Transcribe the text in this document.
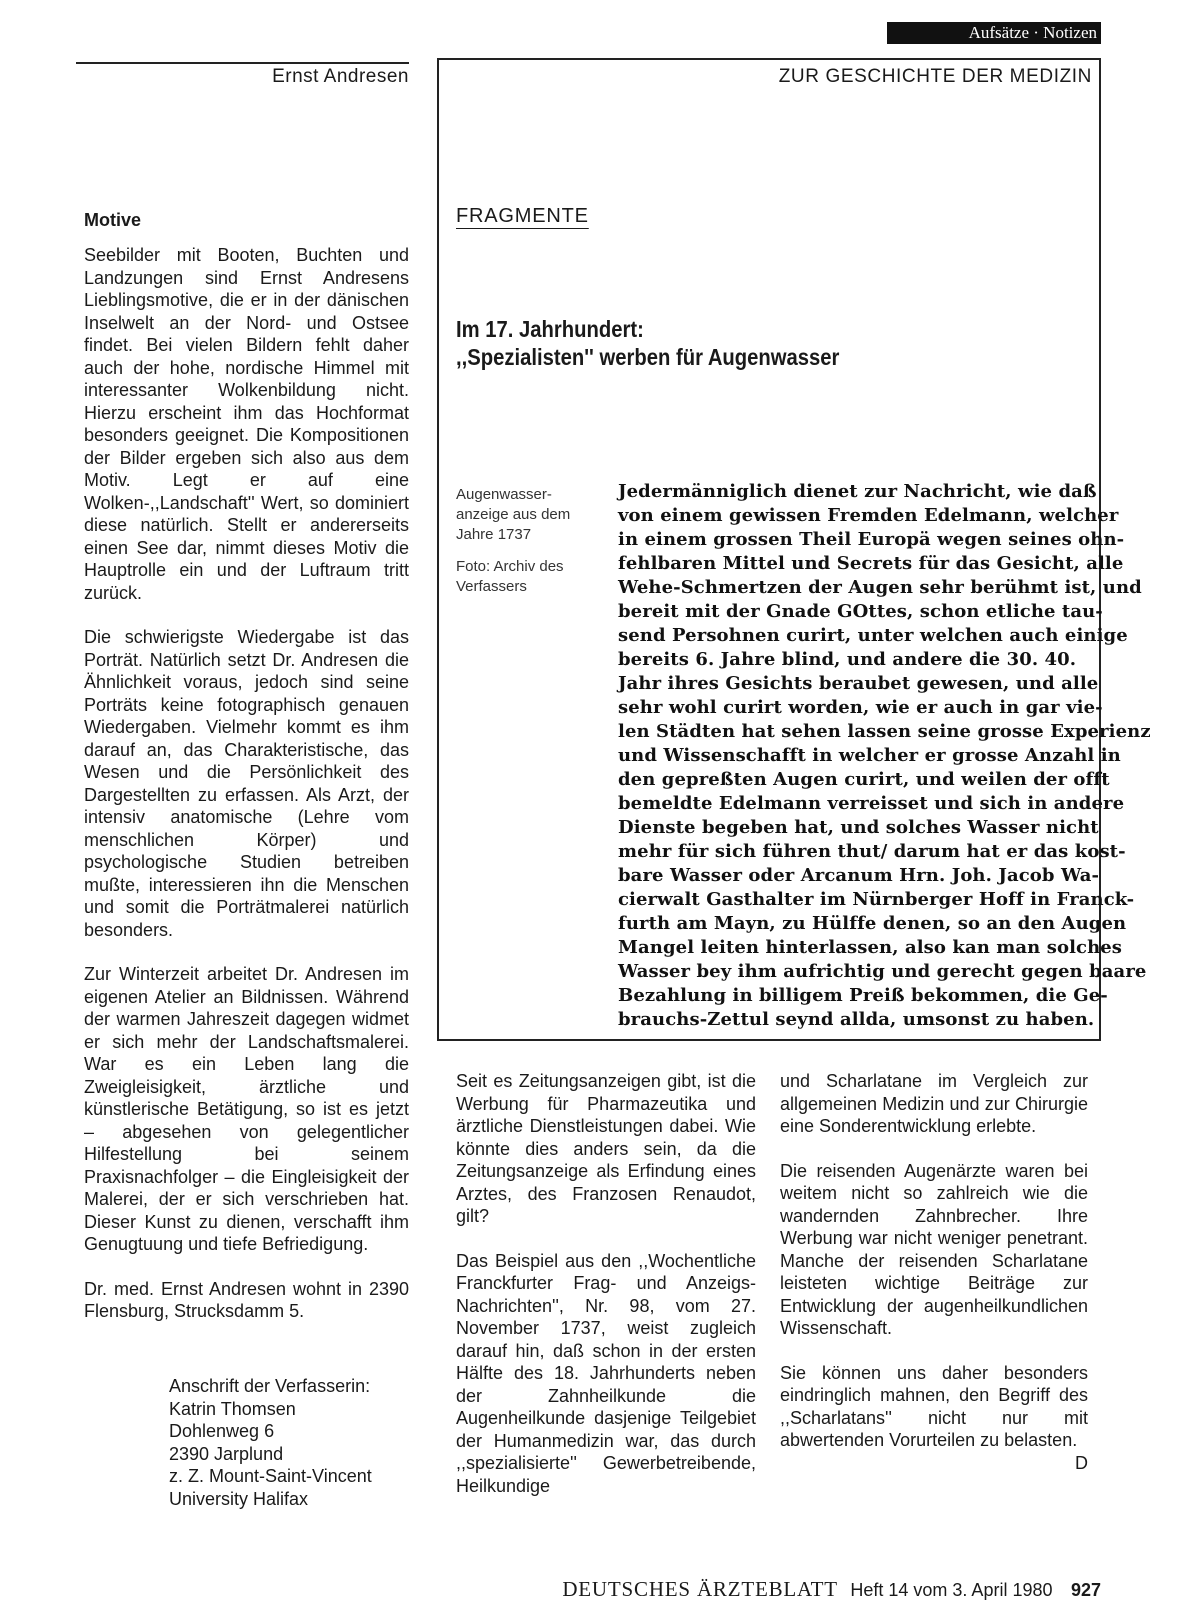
Aufsätze · Notizen
Ernst Andresen	ZUR GESCHICHTE DER MEDIZIN
Motive

Seebilder mit Booten, Buchten und Landzungen sind Ernst Andresens Lieblingsmotive, die er in der dänischen Inselwelt an der Nord- und Ostsee findet. Bei vielen Bildern fehlt daher auch der hohe, nordische Himmel mit interessanter Wolkenbildung nicht. Hierzu erscheint ihm das Hochformat besonders geeignet. Die Kompositionen der Bilder ergeben sich also aus dem Motiv. Legt er auf eine Wolken-,,Landschaft'' Wert, so dominiert diese natürlich. Stellt er andererseits einen See dar, nimmt dieses Motiv die Hauptrolle ein und der Luftraum tritt zurück.

Die schwierigste Wiedergabe ist das Porträt. Natürlich setzt Dr. Andresen die Ähnlichkeit voraus, jedoch sind seine Porträts keine fotographisch genauen Wiedergaben. Vielmehr kommt es ihm darauf an, das Charakteristische, das Wesen und die Persönlichkeit des Dargestellten zu erfassen. Als Arzt, der intensiv anatomische (Lehre vom menschlichen Körper) und psychologische Studien betreiben mußte, interessieren ihn die Menschen und somit die Porträtmalerei natürlich besonders.

Zur Winterzeit arbeitet Dr. Andresen im eigenen Atelier an Bildnissen. Während der warmen Jahreszeit dagegen widmet er sich mehr der Landschaftsmalerei. War es ein Leben lang die Zweigleisigkeit, ärztliche und künstlerische Betätigung, so ist es jetzt – abgesehen von gelegentlicher Hilfestellung bei seinem Praxisnachfolger – die Eingleisigkeit der Malerei, der er sich verschrieben hat. Dieser Kunst zu dienen, verschafft ihm Genugtuung und tiefe Befriedigung.

Dr. med. Ernst Andresen wohnt in 2390 Flensburg, Strucksdamm 5.

Anschrift der Verfasserin:
Katrin Thomsen
Dohlenweg 6
2390 Jarplund
z. Z. Mount-Saint-Vincent
University Halifax
FRAGMENTE
Im 17. Jahrhundert:
,,Spezialisten'' werben für Augenwasser

Augenwasser-anzeige aus dem Jahre 1737

Foto: Archiv des Verfassers

Jedermänniglich dienet zur Nachricht, wie daß
von einem gewissen Fremden Edelmann, welcher
in einem grossen Theil Europä wegen seines ohn-
fehlbaren Mittel und Secrets für das Gesicht, alle
Wehe-Schmertzen der Augen sehr berühmt ist, und
bereit mit der Gnade GOttes, schon etliche tau-
send Persohnen curirt, unter welchen auch einige
bereits 6. Jahre blind, und andere die 30. 40.
Jahr ihres Gesichts beraubet gewesen, und alle
sehr wohl curirt worden, wie er auch in gar vie-
len Städten hat sehen lassen seine grosse Experienz
und Wissenschafft in welcher er grosse Anzahl in
den gepreßten Augen curirt, und weilen der offt
bemeldte Edelmann verreisset und sich in andere
Dienste begeben hat, und solches Wasser nicht
mehr für sich führen thut/ darum hat er das kost-
bare Wasser oder Arcanum Hrn. Joh. Jacob Wa-
cierwalt Gasthalter im Nürnberger Hoff in Franck-
furth am Mayn, zu Hülffe denen, so an den Augen
Mangel leiten hinterlassen, also kan man solches
Wasser bey ihm aufrichtig und gerecht gegen baare
Bezahlung in billigem Preiß bekommen, die Ge-
brauchs-Zettul seynd allda, umsonst zu haben.

Seit es Zeitungsanzeigen gibt, ist die Werbung für Pharmazeutika und ärztliche Dienstleistungen dabei. Wie könnte dies anders sein, da die Zeitungsanzeige als Erfindung eines Arztes, des Franzosen Renaudot, gilt?

Das Beispiel aus den ,,Wochentliche Franckfurter Frag- und Anzeigs-Nachrichten'', Nr. 98, vom 27. November 1737, weist zugleich darauf hin, daß schon in der ersten Hälfte des 18. Jahrhunderts neben der Zahnheilkunde die Augenheilkunde dasjenige Teilgebiet der Humanmedizin war, das durch ,,spezialisierte'' Gewerbetreibende, Heilkundige

und Scharlatane im Vergleich zur allgemeinen Medizin und zur Chirurgie eine Sonderentwicklung erlebte.

Die reisenden Augenärzte waren bei weitem nicht so zahlreich wie die wandernden Zahnbrecher. Ihre Werbung war nicht weniger penetrant. Manche der reisenden Scharlatane leisteten wichtige Beiträge zur Entwicklung der augenheilkundlichen Wissenschaft.

Sie können uns daher besonders eindringlich mahnen, den Begriff des ,,Scharlatans'' nicht nur mit abwertenden Vorurteilen zu belasten.

D
DEUTSCHES ÄRZTEBLATT Heft 14 vom 3. April 1980 927
